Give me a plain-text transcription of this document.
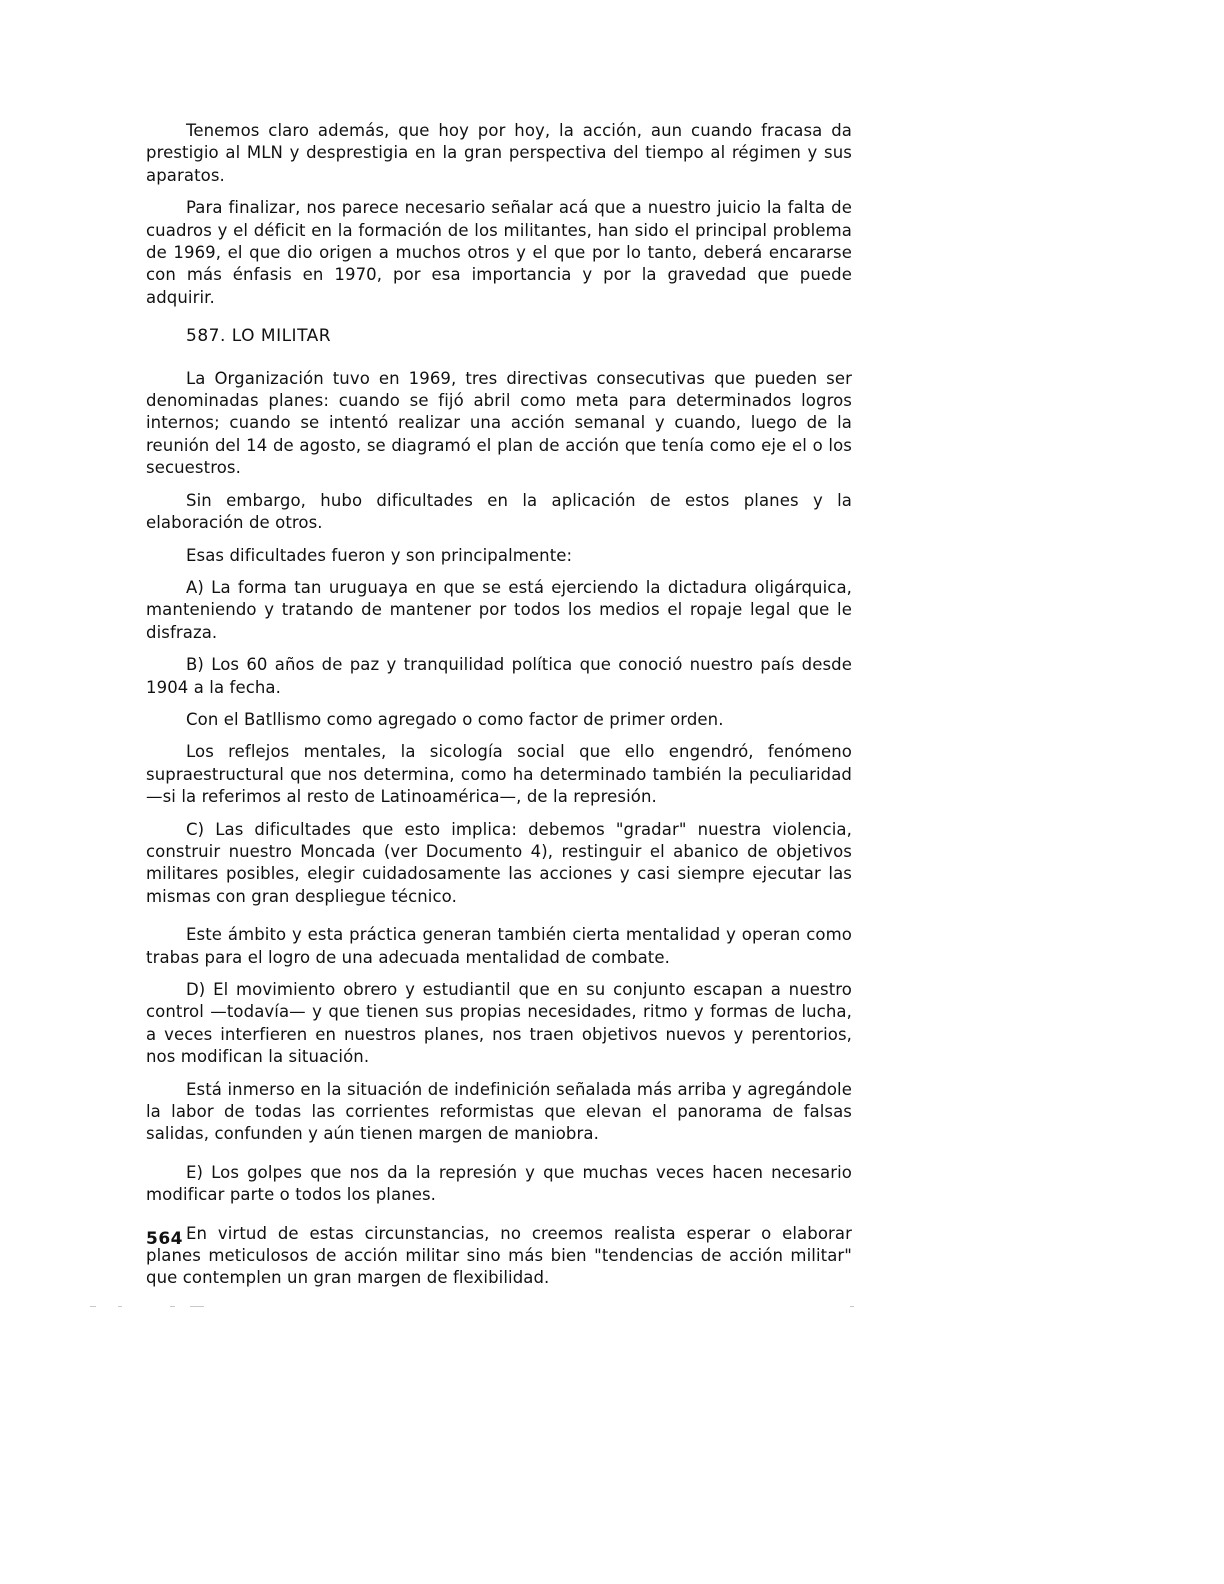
Tenemos claro además, que hoy por hoy, la acción, aun cuando fracasa da prestigio al MLN y desprestigia en la gran perspectiva del tiempo al régimen y sus aparatos.

Para finalizar, nos parece necesario señalar acá que a nuestro juicio la falta de cuadros y el déficit en la formación de los militantes, han sido el principal problema de 1969, el que dio origen a muchos otros y el que por lo tanto, deberá encararse con más énfasis en 1970, por esa importancia y por la gravedad que puede adquirir.

587. LO MILITAR

La Organización tuvo en 1969, tres directivas consecutivas que pueden ser denominadas planes: cuando se fijó abril como meta para determinados logros internos; cuando se intentó realizar una acción semanal y cuando, luego de la reunión del 14 de agosto, se diagramó el plan de acción que tenía como eje el o los secuestros.

Sin embargo, hubo dificultades en la aplicación de estos planes y la elaboración de otros.

Esas dificultades fueron y son principalmente:

A) La forma tan uruguaya en que se está ejerciendo la dictadura oligárquica, manteniendo y tratando de mantener por todos los medios el ropaje legal que le disfraza.

B) Los 60 años de paz y tranquilidad política que conoció nuestro país desde 1904 a la fecha.

Con el Batllismo como agregado o como factor de primer orden.

Los reflejos mentales, la sicología social que ello engendró, fenómeno supraestructural que nos determina, como ha determinado también la peculiaridad —si la referimos al resto de Latinoamérica—, de la represión.

C) Las dificultades que esto implica: debemos "gradar" nuestra violencia, construir nuestro Moncada (ver Documento 4), restinguir el abanico de objetivos militares posibles, elegir cuidadosamente las acciones y casi siempre ejecutar las mismas con gran despliegue técnico.

Este ámbito y esta práctica generan también cierta mentalidad y operan como trabas para el logro de una adecuada mentalidad de combate.

D) El movimiento obrero y estudiantil que en su conjunto escapan a nuestro control —todavía— y que tienen sus propias necesidades, ritmo y formas de lucha, a veces interfieren en nuestros planes, nos traen objetivos nuevos y perentorios, nos modifican la situación.

Está inmerso en la situación de indefinición señalada más arriba y agregándole la labor de todas las corrientes reformistas que elevan el panorama de falsas salidas, confunden y aún tienen margen de maniobra.

E) Los golpes que nos da la represión y que muchas veces hacen necesario modificar parte o todos los planes.

En virtud de estas circunstancias, no creemos realista esperar o elaborar planes meticulosos de acción militar sino más bien "tendencias de acción militar" que contemplen un gran margen de flexibilidad.

564
